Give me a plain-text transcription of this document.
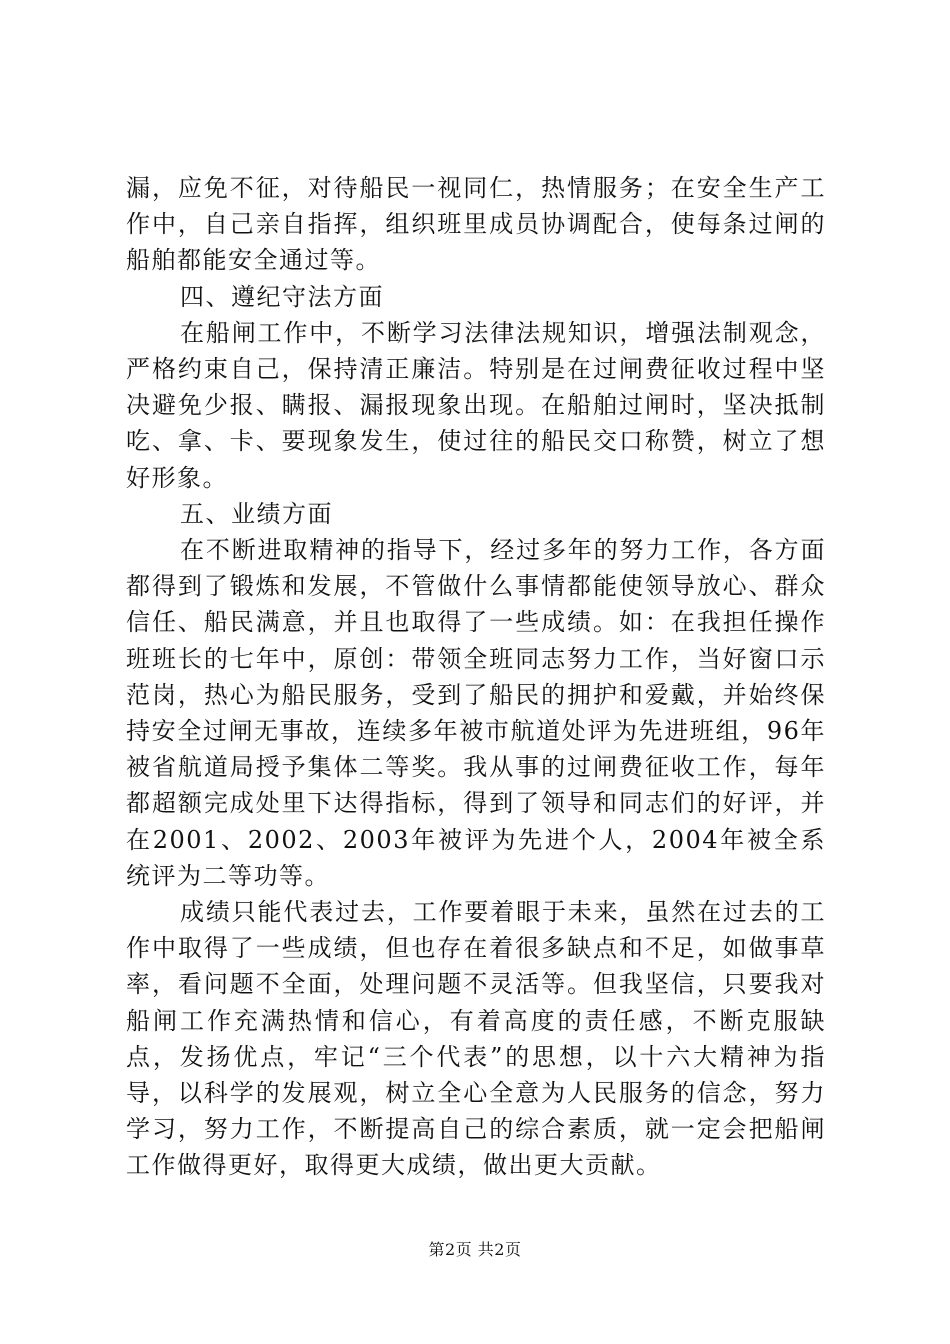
漏，应免不征，对待船民一视同仁，热情服务；在安全生产工作中，自己亲自指挥，组织班里成员协调配合，使每条过闸的船舶都能安全通过等。

四、遵纪守法方面

在船闸工作中，不断学习法律法规知识，增强法制观念，严格约束自己，保持清正廉洁。特别是在过闸费征收过程中坚决避免少报、瞒报、漏报现象出现。在船舶过闸时，坚决抵制吃、拿、卡、要现象发生，使过往的船民交口称赞，树立了想好形象。

五、业绩方面

在不断进取精神的指导下，经过多年的努力工作，各方面都得到了锻炼和发展，不管做什么事情都能使领导放心、群众信任、船民满意，并且也取得了一些成绩。如：在我担任操作班班长的七年中，原创：带领全班同志努力工作，当好窗口示范岗，热心为船民服务，受到了船民的拥护和爱戴，并始终保持安全过闸无事故，连续多年被市航道处评为先进班组，96年被省航道局授予集体二等奖。我从事的过闸费征收工作，每年都超额完成处里下达得指标，得到了领导和同志们的好评，并在2001、2002、2003年被评为先进个人，2004年被全系统评为二等功等。

成绩只能代表过去，工作要着眼于未来，虽然在过去的工作中取得了一些成绩，但也存在着很多缺点和不足，如做事草率，看问题不全面，处理问题不灵活等。但我坚信，只要我对船闸工作充满热情和信心，有着高度的责任感，不断克服缺点，发扬优点，牢记“三个代表”的思想，以十六大精神为指导，以科学的发展观，树立全心全意为人民服务的信念，努力学习，努力工作，不断提高自己的综合素质，就一定会把船闸工作做得更好，取得更大成绩，做出更大贡献。

第2页 共2页
